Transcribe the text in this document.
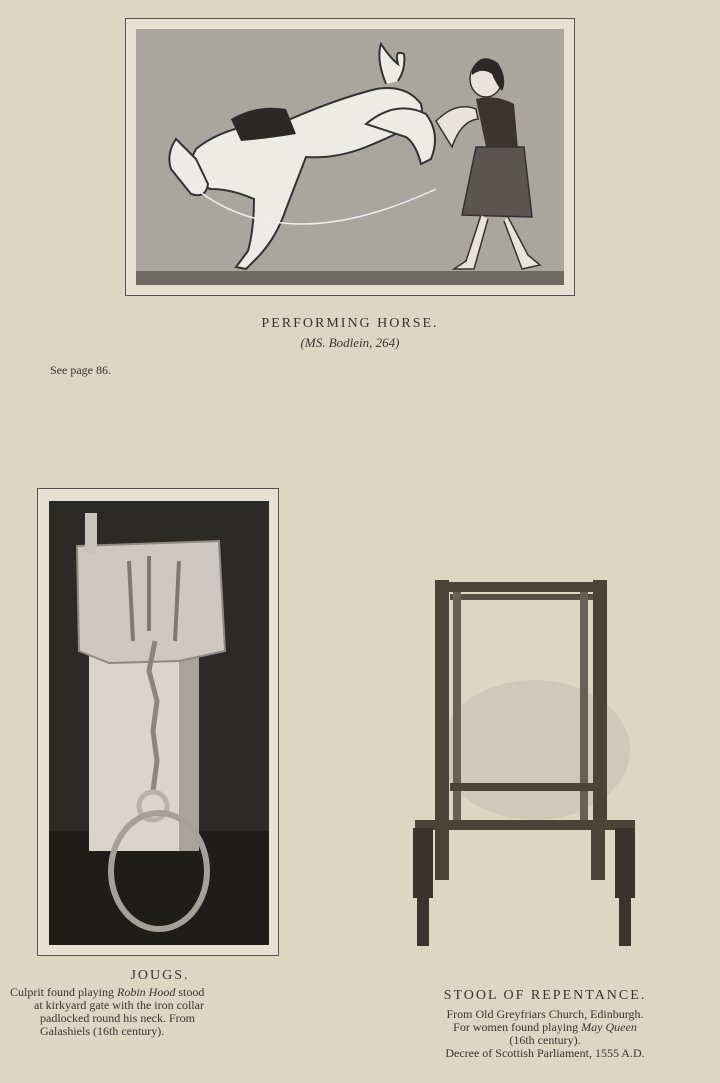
PERFORMING HORSE.
(MS. Bodlein, 264)
See page 86.
JOUGS.
Culprit found playing Robin Hood stood
at kirkyard gate with the iron collar
padlocked round his neck. From
Galashiels (16th century).
STOOL OF REPENTANCE.
From Old Greyfriars Church, Edinburgh.
For women found playing May Queen
(16th century).
Decree of Scottish Parliament, 1555 A.D.
